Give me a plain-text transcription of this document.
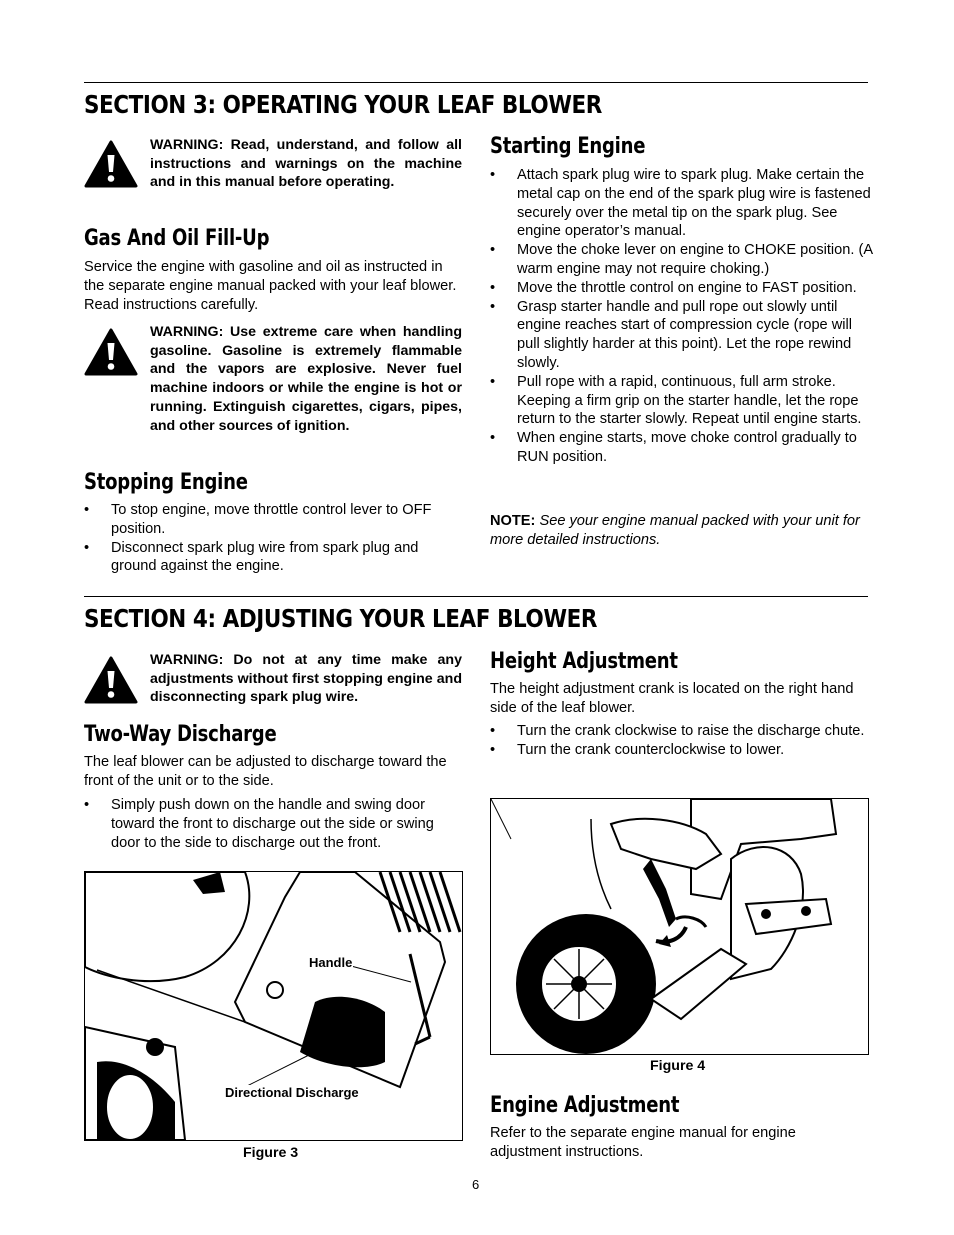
SECTION 3: OPERATING YOUR LEAF BLOWER

WARNING: Read, understand, and follow all instructions and warnings on the machine and in this manual before operating.

Gas And Oil Fill-Up

Service the engine with gasoline and oil as instructed in the separate engine manual packed with your leaf blower. Read instructions carefully.

WARNING: Use extreme care when handling gasoline. Gasoline is extremely flammable and the vapors are explosive. Never fuel machine indoors or while the engine is hot or running. Extinguish cigarettes, cigars, pipes, and other sources of ignition.

Stopping Engine
• To stop engine, move throttle control lever to OFF position.
• Disconnect spark plug wire from spark plug and ground against the engine.
Starting Engine
• Attach spark plug wire to spark plug. Make certain the metal cap on the end of the spark plug wire is fastened securely over the metal tip on the spark plug. See engine operator’s manual.
• Move the choke lever on engine to CHOKE position. (A warm engine may not require choking.)
• Move the throttle control on engine to FAST position.
• Grasp starter handle and pull rope out slowly until engine reaches start of compression cycle (rope will pull slightly harder at this point). Let the rope rewind slowly.
• Pull rope with a rapid, continuous, full arm stroke. Keeping a firm grip on the starter handle, let the rope return to the starter slowly. Repeat until engine starts.
• When engine starts, move choke control gradually to RUN position.

NOTE: See your engine manual packed with your unit for more detailed instructions.

SECTION 4: ADJUSTING YOUR LEAF BLOWER

WARNING: Do not at any time make any adjustments without first stopping engine and disconnecting spark plug wire.

Two-Way Discharge

The leaf blower can be adjusted to discharge toward the front of the unit or to the side.

• Simply push down on the handle and swing door toward the front to discharge out the side or swing door to the side to discharge out the front.
Handle
Directional Discharge

Figure 3

Height Adjustment

The height adjustment crank is located on the right hand side of the leaf blower.

• Turn the crank clockwise to raise the discharge chute.
• Turn the crank counterclockwise to lower.

Figure 4

Engine Adjustment

Refer to the separate engine manual for engine adjustment instructions.

6
